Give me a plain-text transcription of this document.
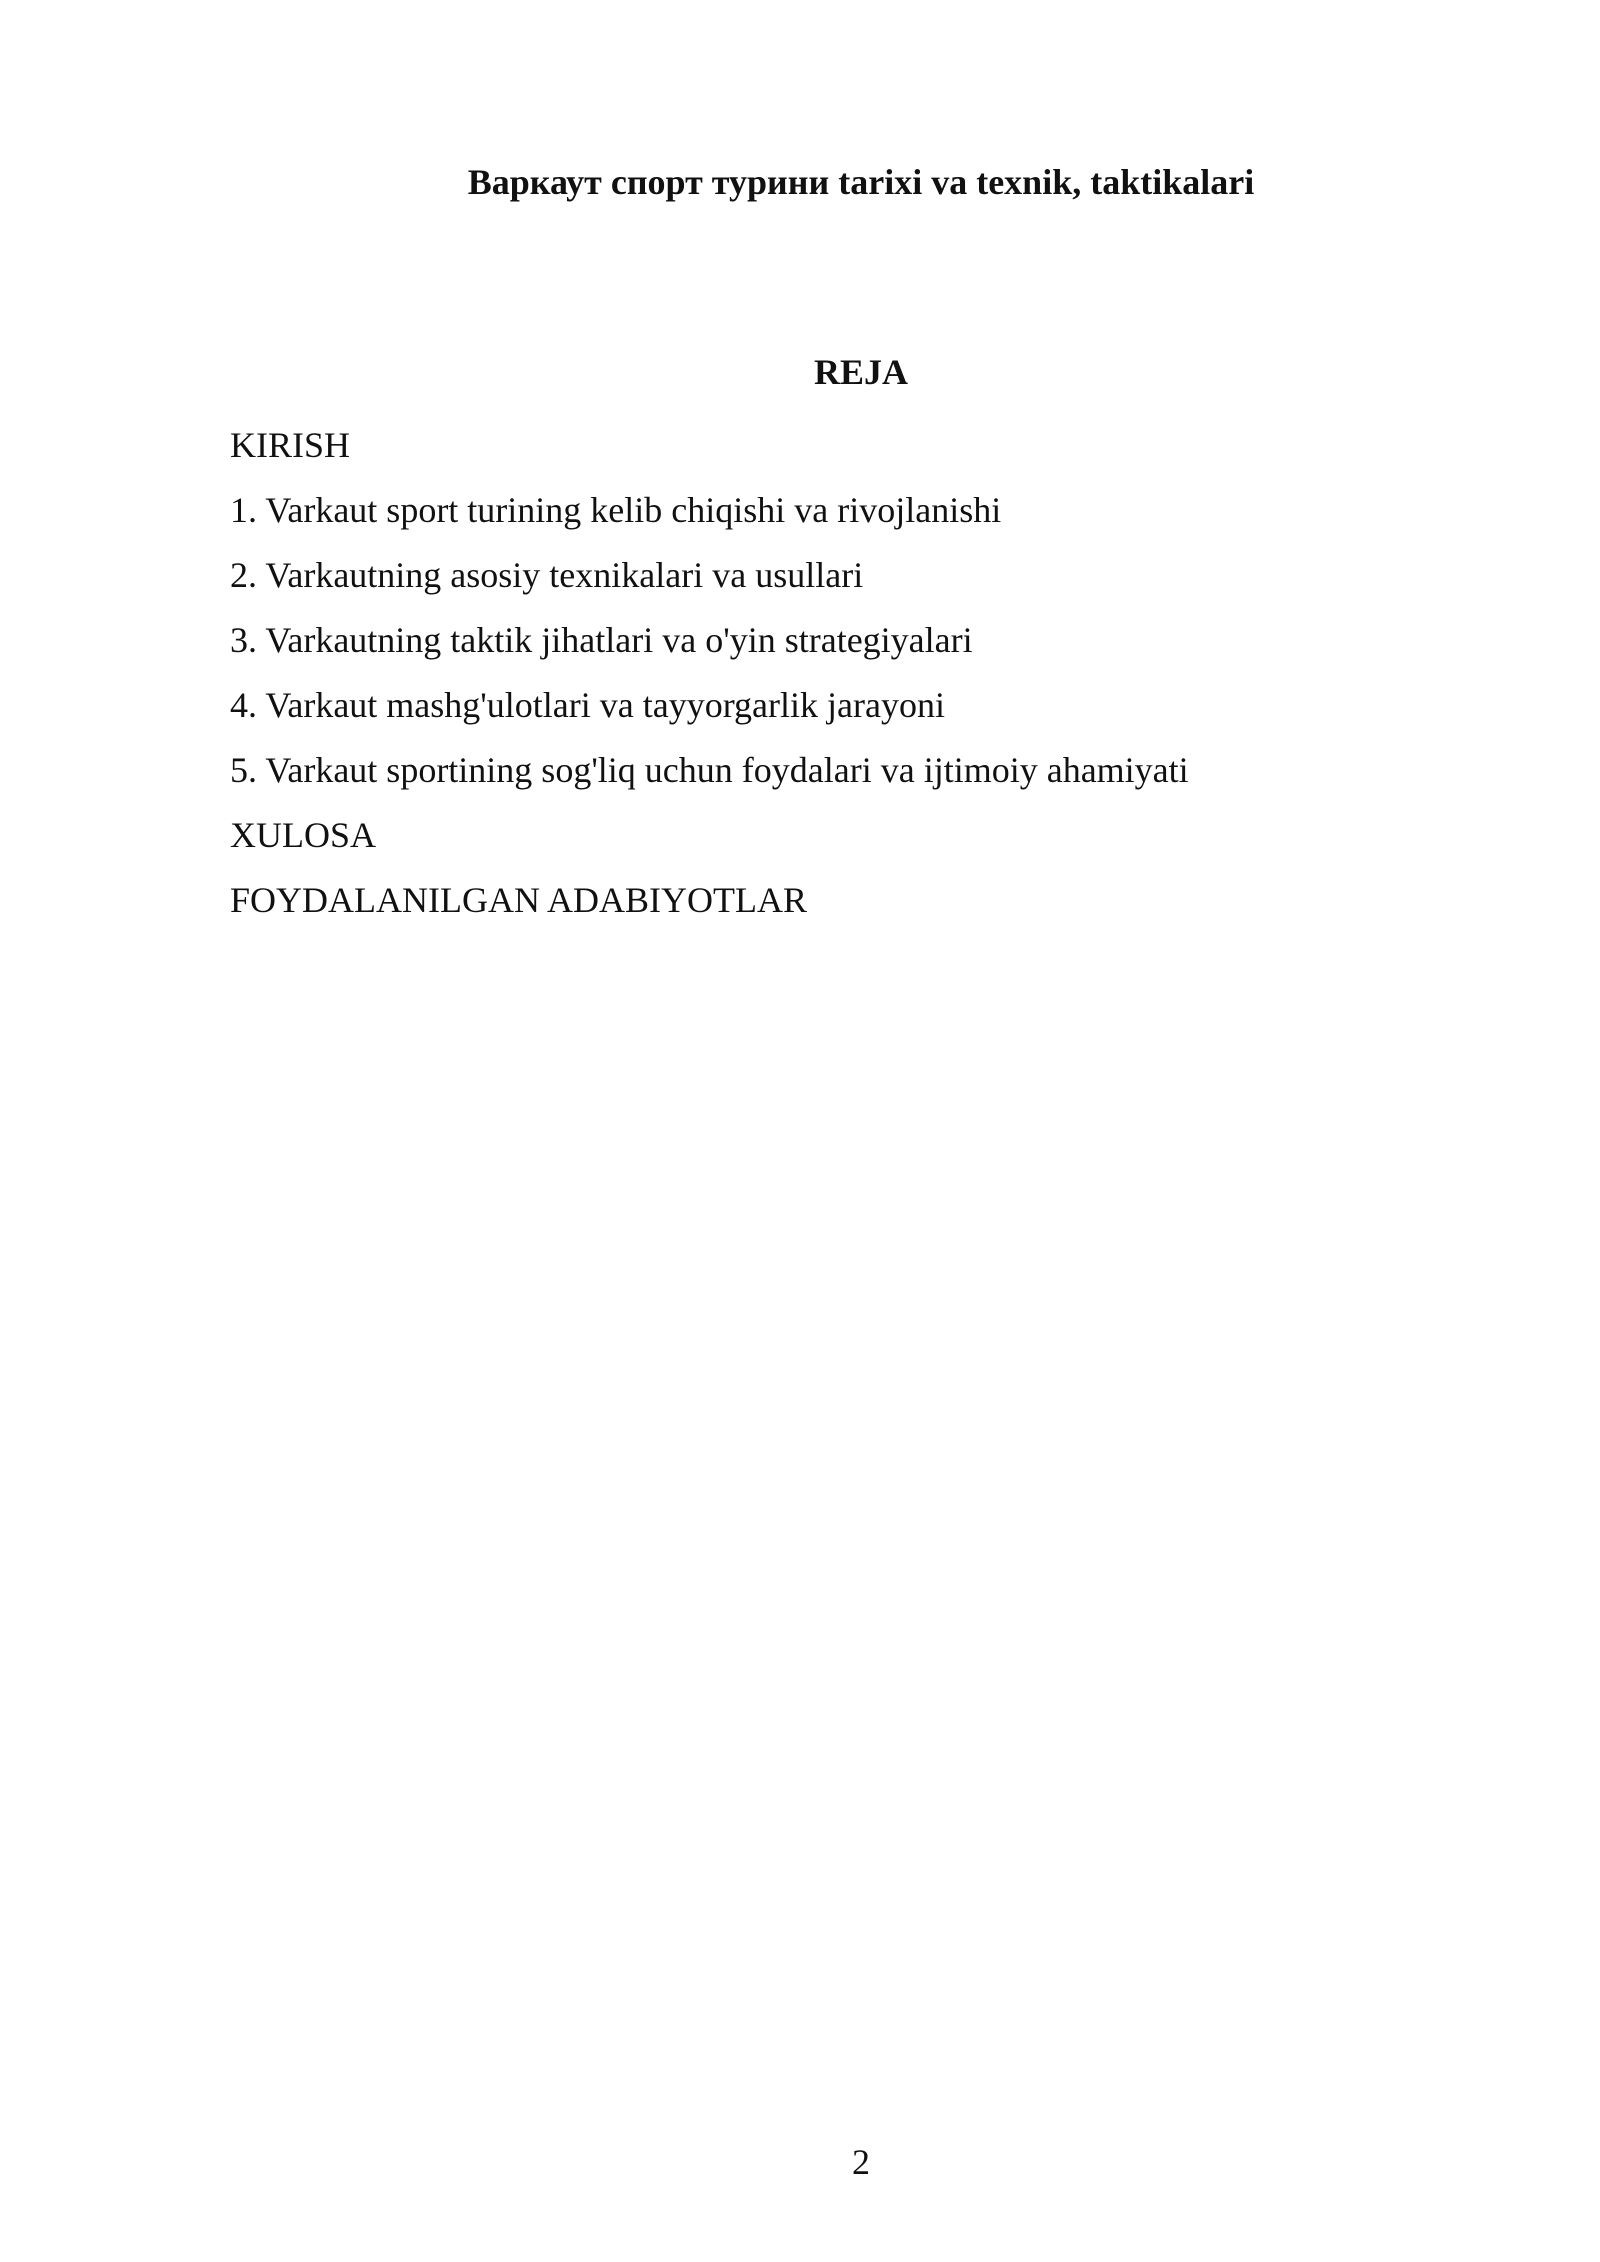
Варкаут спорт турини tarixi va texnik, taktikalari
REJA
KIRISH
1. Varkaut sport turining kelib chiqishi va rivojlanishi
2. Varkautning asosiy texnikalari va usullari
3. Varkautning taktik jihatlari va o'yin strategiyalari
4. Varkaut mashg'ulotlari va tayyorgarlik jarayoni
5. Varkaut sportining sog'liq uchun foydalari va ijtimoiy ahamiyati
XULOSA
FOYDALANILGAN ADABIYOTLAR
2
